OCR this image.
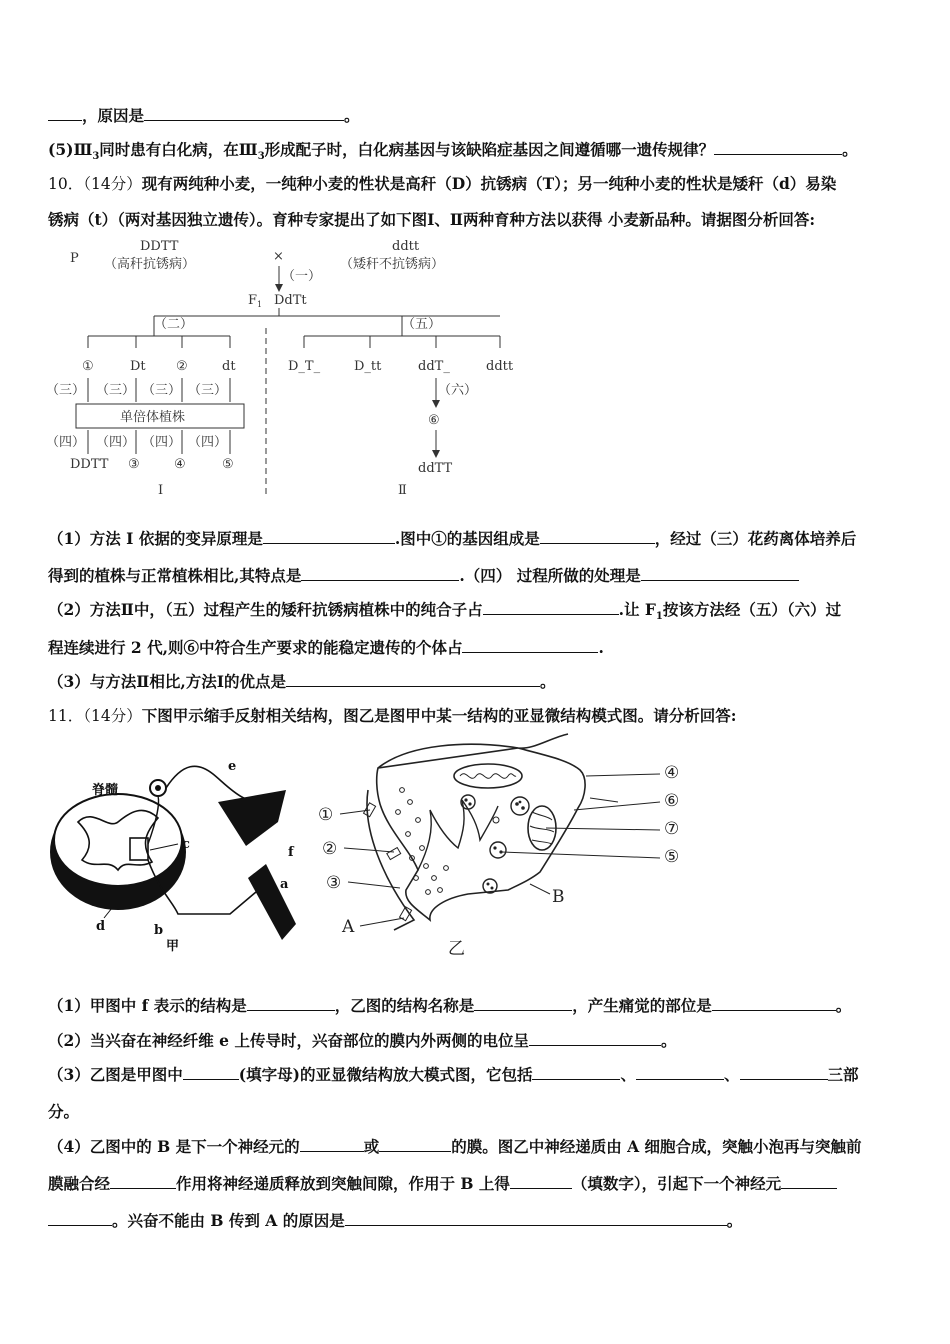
，原因是	。
$(5)Ⅲ_3$同时患有白化病，在$Ⅲ_3$形成配子时，白化病基因与该缺陷症基因之间遵循哪一遗传规律？	。
10．（14分）现有两纯种小麦，一纯种小麦的性状是高秆（D）抗锈病（T）；另一纯种小麦的性状是矮秆（d）易染
锈病（t）（两对基因独立遗传）。育种专家提出了如下图Ⅰ、Ⅱ两种育种方法以获得 小麦新品种。请据图分析回答:
P
DDTT
（高秆抗锈病）
×
ddtt
（矮秆不抗锈病）
（一）
$F_1$ DdTt
（二）	（五）
①	Dt ②	dt
（三） （三） （三） （三）
单倍体植株
（四） （四） （四） （四）
DDTT ③	④	⑤
Ⅰ
D_T_	D_tt	ddT_	ddtt
（六）
⑥
ddTT
Ⅱ
（1）方法 I 依据的变异原理是	.图中①的基因组成是	，经过（三）花药离体培养后
得到的植株与正常植株相比,其特点是	.（四） 过程所做的处理是
（2）方法Ⅱ中，（五）过程产生的矮秆抗锈病植株中的纯合子占	.让 $F_1$按该方法经（五）（六）过
程连续进行 2 代,则⑥中符合生产要求的能稳定遗传的个体占	.
（3）与方法Ⅱ相比,方法Ⅰ的优点是	。
11．（14分）下图甲示缩手反射相关结构，图乙是图甲中某一结构的亚显微结构模式图。请分析回答:
脊髓
e
c
f
a
d	b
甲
①
②
③
A
B
④
⑥
⑦
⑤
乙
（1）甲图中 f 表示的结构是	，乙图的结构名称是	，产生痛觉的部位是	。
（2）当兴奋在神经纤维 e 上传导时，兴奋部位的膜内外两侧的电位呈	。
（3）乙图是甲图中	(填字母)的亚显微结构放大模式图，它包括	、	、	三部
分。
（4）乙图中的 B 是下一个神经元的	或	的膜。图乙中神经递质由 A 细胞合成，突触小泡再与突触前
膜融合经	作用将神经递质释放到突触间隙，作用于 B 上得	（填数字），引起下一个神经元
。兴奋不能由 B 传到 A 的原因是	。
